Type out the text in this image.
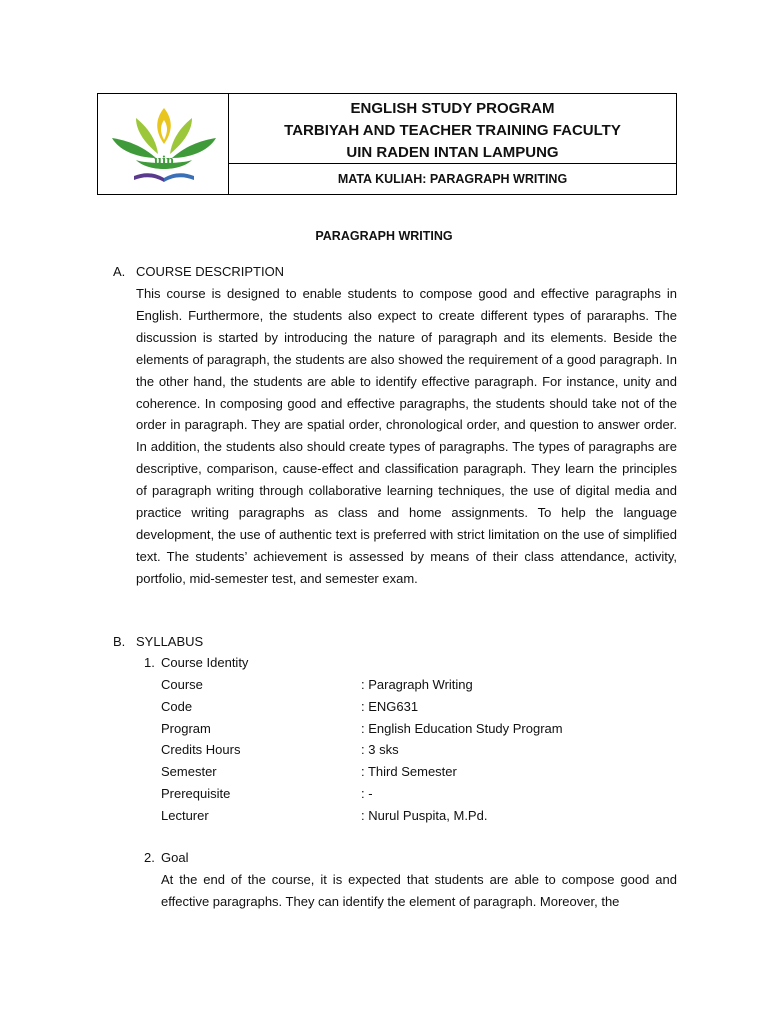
uin
ENGLISH STUDY PROGRAM
TARBIYAH AND TEACHER TRAINING FACULTY
UIN RADEN INTAN LAMPUNG
MATA KULIAH: PARAGRAPH WRITING
PARAGRAPH WRITING
A. COURSE DESCRIPTION
This course is designed to enable students to compose good and effective paragraphs in English. Furthermore, the students also expect to create different types of pararaphs. The discussion is started by introducing the nature of paragraph and its elements. Beside the elements of paragraph, the students are also showed the requirement of a good paragraph. In the other hand, the students are able to identify effective paragraph. For instance, unity and coherence. In composing good and effective paragraphs, the students should take not of the order in paragraph. They are spatial order, chronological order, and question to answer order. In addition, the students also should create types of paragraphs. The types of paragraphs are descriptive, comparison, cause-effect and classification paragraph. They learn the principles of paragraph writing through collaborative learning techniques, the use of digital media and practice writing paragraphs as class and home assignments. To help the language development, the use of authentic text is preferred with strict limitation on the use of simplified text. The students’ achievement is assessed by means of their class attendance, activity, portfolio, mid-semester test, and semester exam.
B. SYLLABUS
1. Course Identity
Course	: Paragraph Writing
Code	: ENG631
Program	: English Education Study Program
Credits Hours	: 3 sks
Semester	: Third Semester
Prerequisite	: -
Lecturer	: Nurul Puspita, M.Pd.
2. Goal
At the end of the course, it is expected that students are able to compose good and effective paragraphs. They can identify the element of paragraph. Moreover, the
